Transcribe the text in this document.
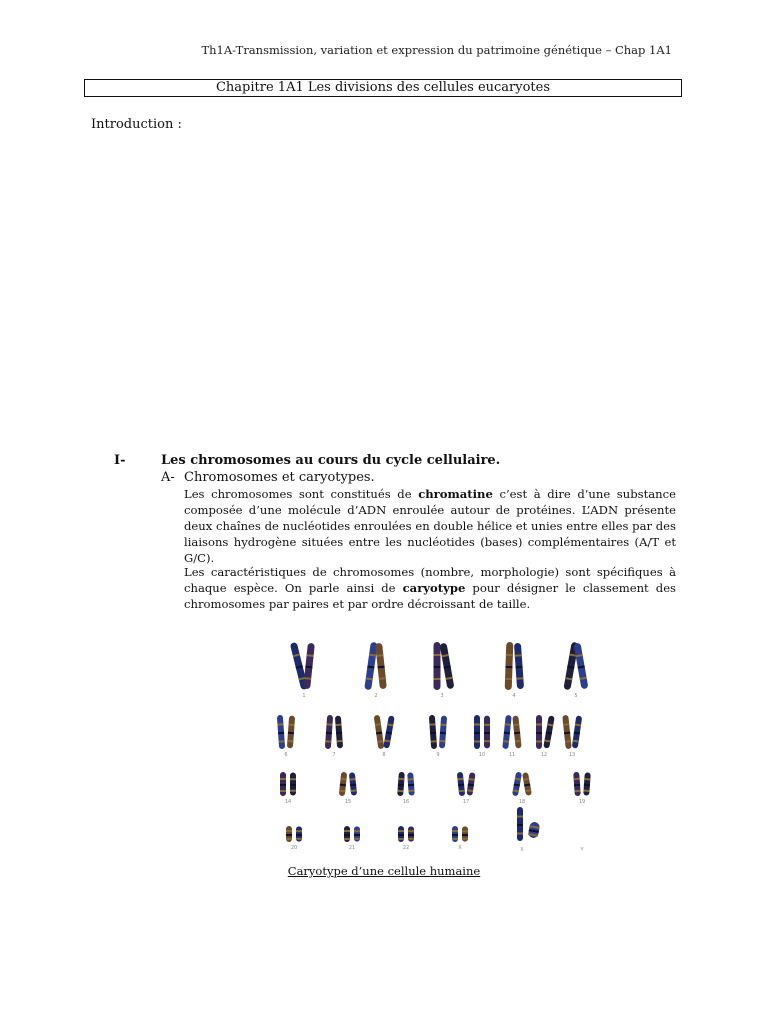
Th1A-Transmission, variation et expression du patrimoine génétique – Chap 1A1
Chapitre 1A1 Les divisions des cellules eucaryotes
Introduction :
I-	Les chromosomes au cours du cycle cellulaire.
A- Chromosomes et caryotypes.

Les chromosomes sont constitués de chromatine c’est à dire d’une substance composée d’une molécule d’ADN enroulée autour de protéines. L’ADN présente deux chaînes de nucléotides enroulées en double hélice et unies entre elles par des liaisons hydrogène situées entre les nucléotides (bases) complémentaires (A/T et G/C).

Les caractéristiques de chromosomes (nombre, morphologie) sont spécifiques à chaque espèce. On parle ainsi de caryotype pour désigner le classement des chromosomes par paires et par ordre décroissant de taille.

1	2	3	4	5
6	7	8	9	10	11	12	13
14	15	16	17	18	19
20	21	22	X	X	Y
Caryotype d’une cellule humaine
